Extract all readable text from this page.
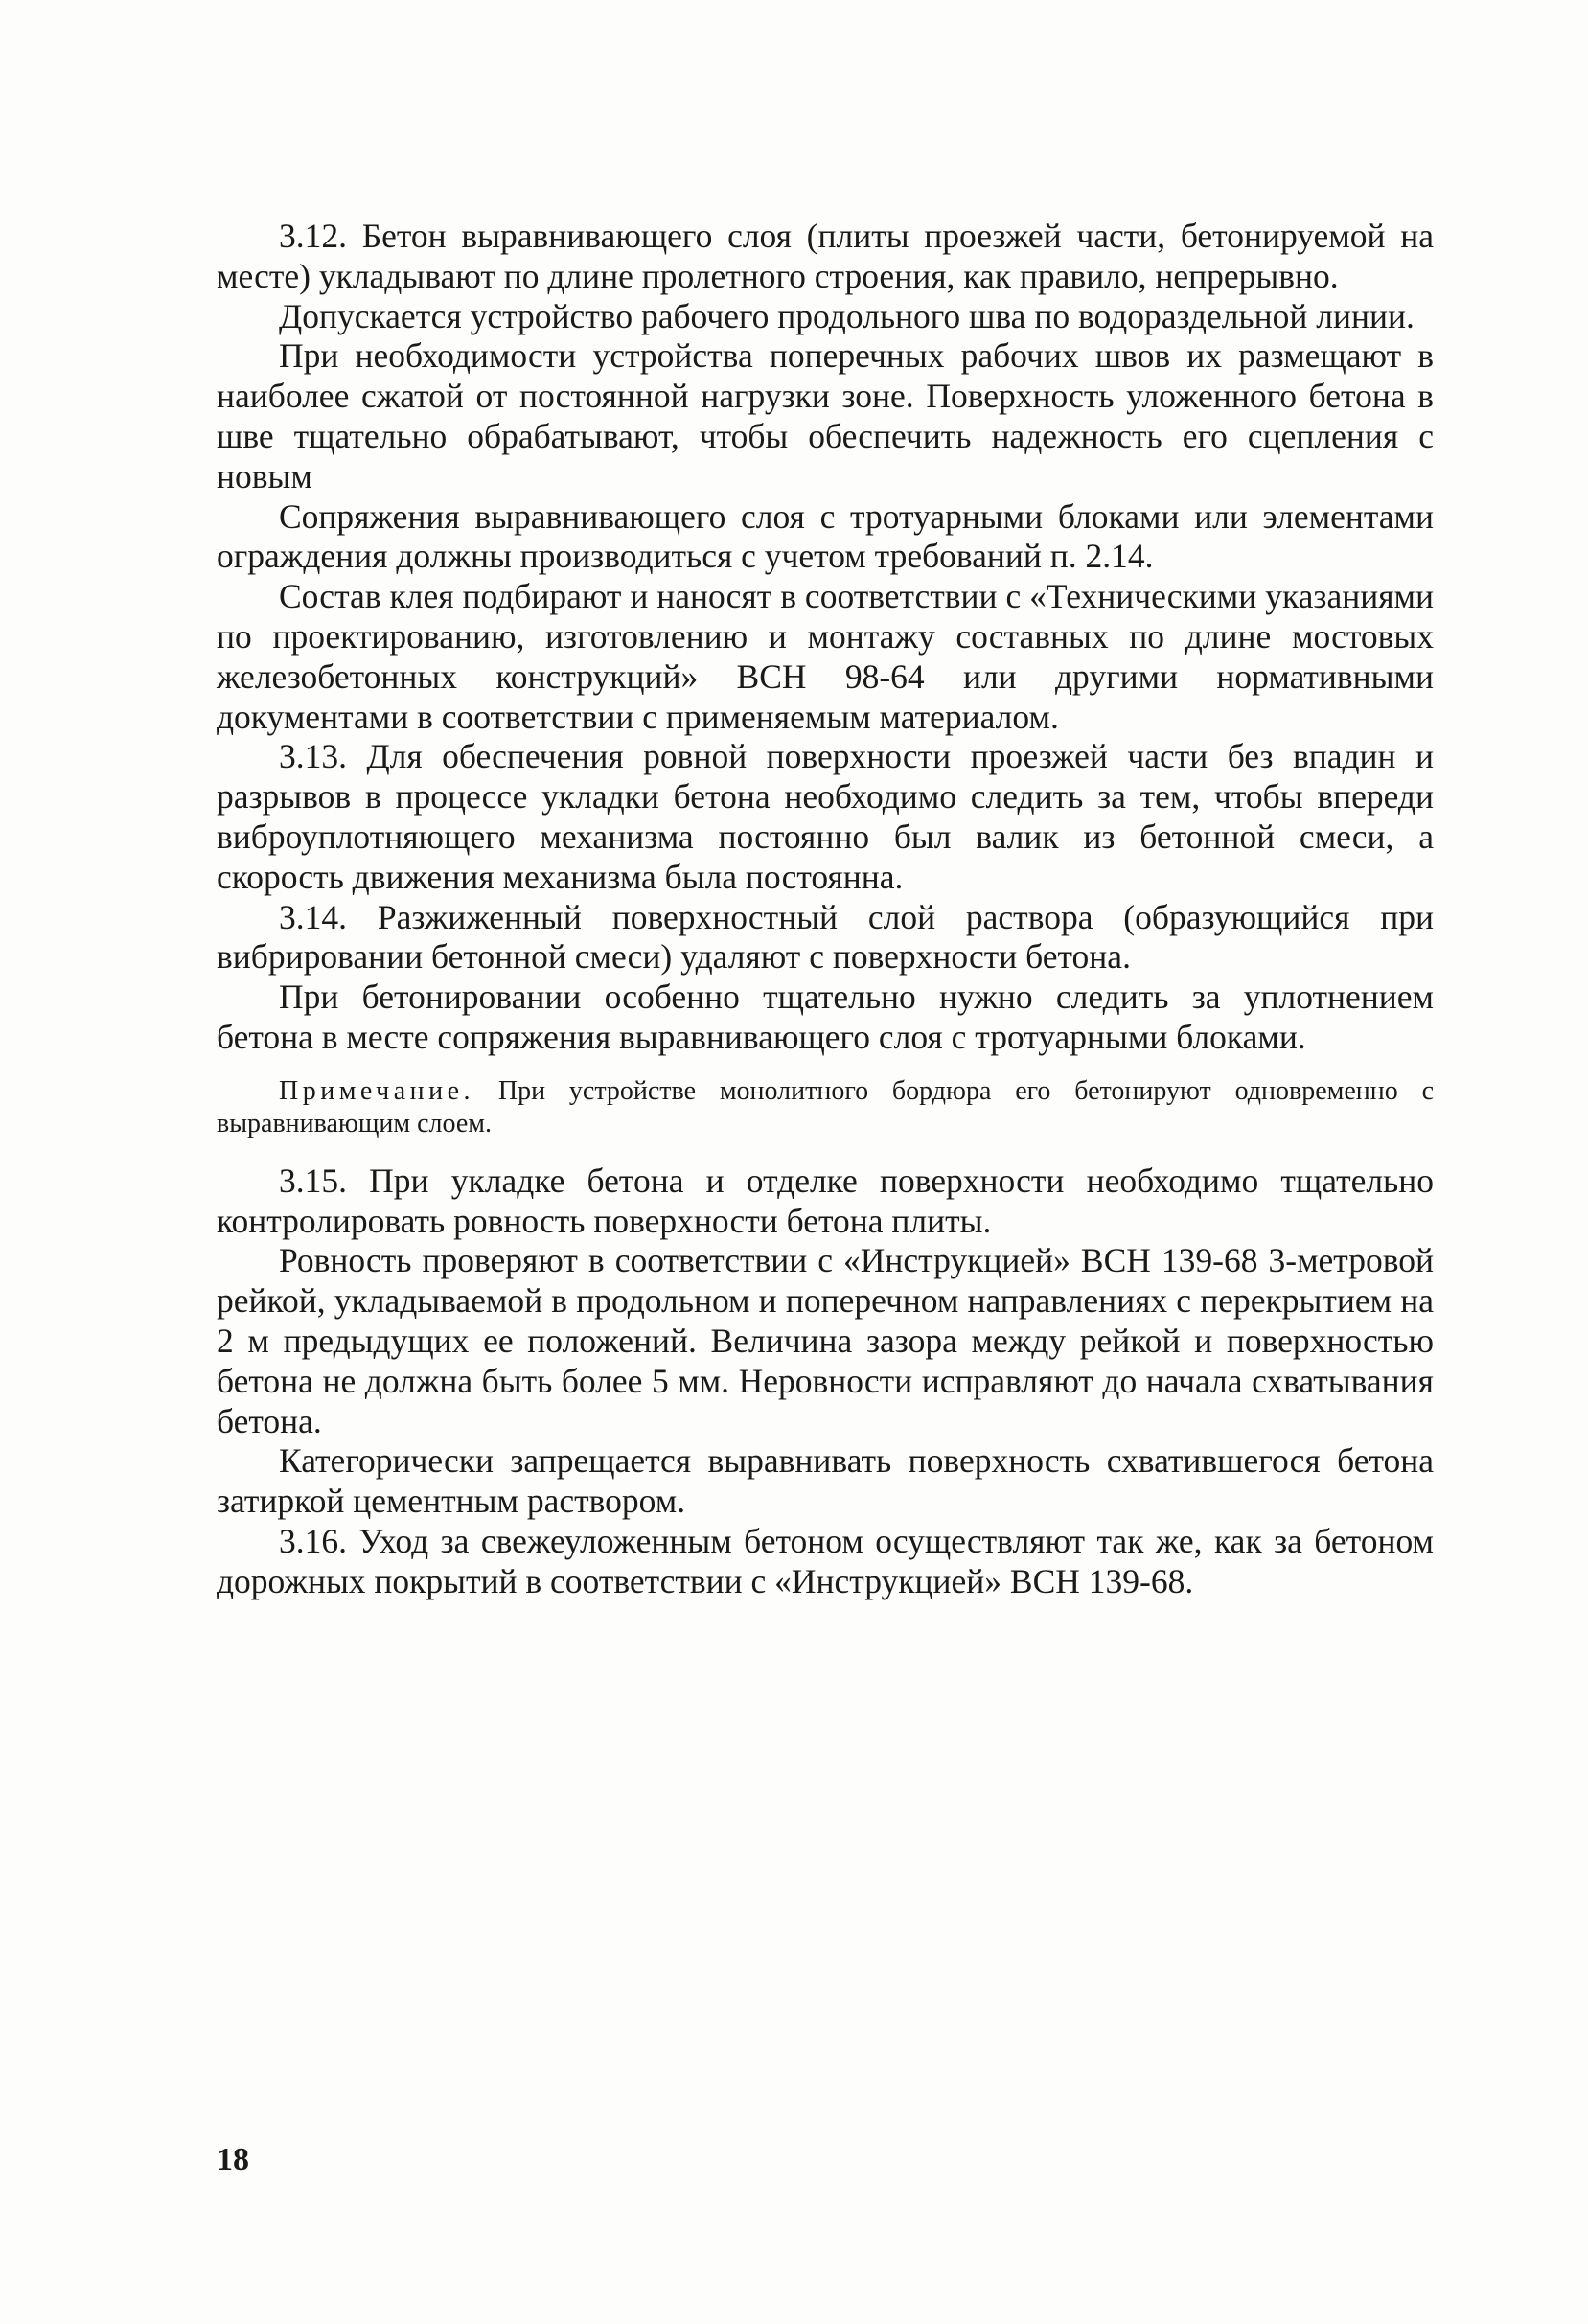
3.12. Бетон выравнивающего слоя (плиты проезжей части, бетонируемой на месте) укладывают по длине пролетного строения, как правило, непрерывно.

Допускается устройство рабочего продольного шва по водораздельной линии.

При необходимости устройства поперечных рабочих швов их размещают в наиболее сжатой от постоянной нагрузки зоне. Поверхность уложенного бетона в шве тщательно обрабатывают, чтобы обеспечить надежность его сцепления с новым

Сопряжения выравнивающего слоя с тротуарными блоками или элементами ограждения должны производиться с учетом требований п. 2.14.

Состав клея подбирают и наносят в соответствии с «Техническими указаниями по проектированию, изготовлению и монтажу составных по длине мостовых железобетонных конструкций» ВСН 98-64 или другими нормативными документами в соответствии с применяемым материалом.

3.13. Для обеспечения ровной поверхности проезжей части без впадин и разрывов в процессе укладки бетона необходимо следить за тем, чтобы впереди виброуплотняющего механизма постоянно был валик из бетонной смеси, а скорость движения механизма была постоянна.

3.14. Разжиженный поверхностный слой раствора (образующийся при вибрировании бетонной смеси) удаляют с поверхности бетона.

При бетонировании особенно тщательно нужно следить за уплотнением бетона в месте сопряжения выравнивающего слоя с тротуарными блоками.

Примечание. При устройстве монолитного бордюра его бетонируют одновременно с выравнивающим слоем.

3.15. При укладке бетона и отделке поверхности необходимо тщательно контролировать ровность поверхности бетона плиты.

Ровность проверяют в соответствии с «Инструкцией» ВСН 139-68 3-метровой рейкой, укладываемой в продольном и поперечном направлениях с перекрытием на 2 м предыдущих ее положений. Величина зазора между рейкой и поверхностью бетона не должна быть более 5 мм. Неровности исправляют до начала схватывания бетона.

Категорически запрещается выравнивать поверхность схватившегося бетона затиркой цементным раствором.

3.16. Уход за свежеуложенным бетоном осуществляют так же, как за бетоном дорожных покрытий в соответствии с «Инструкцией» ВСН 139-68.

18
